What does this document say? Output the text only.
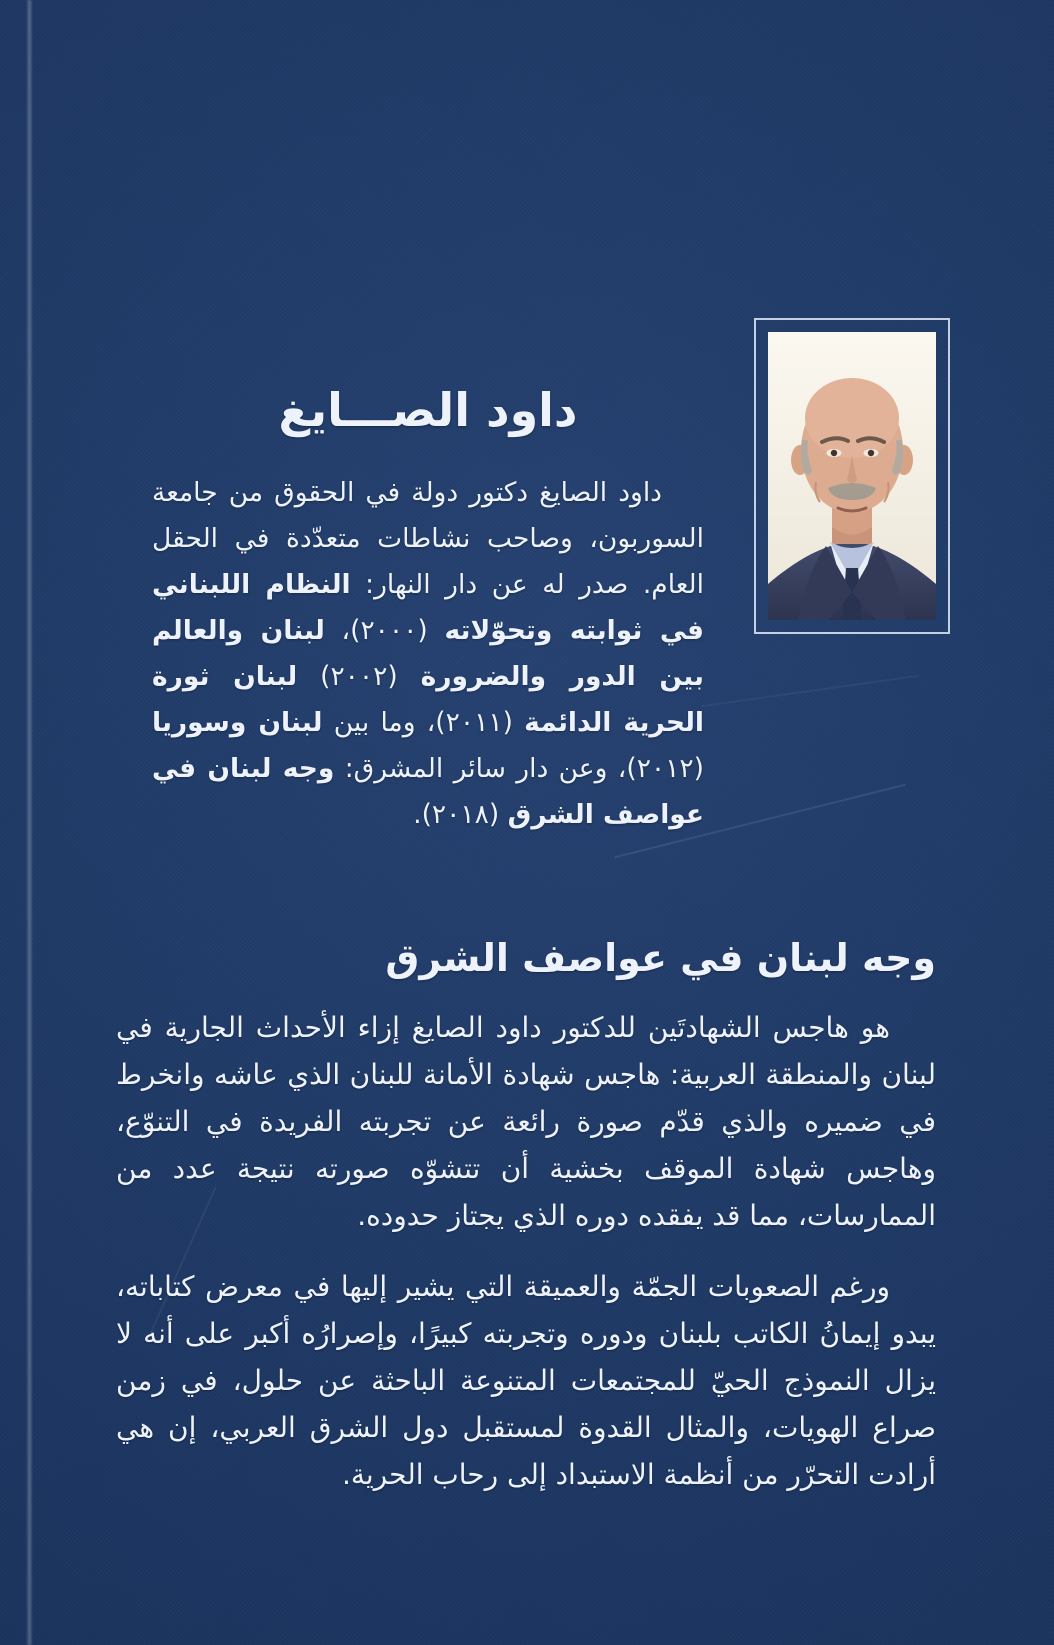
داود الصـــايغ
داود الصايغ دكتور دولة في الحقوق من جامعة السوربون، وصاحب نشاطات متعدّدة في الحقل العام. صدر له عن دار النهار: النظام اللبناني في ثوابته وتحوّلاته (٢٠٠٠)، لبنان والعالم بين الدور والضرورة (٢٠٠٢) لبنان ثورة الحرية الدائمة (٢٠١١)، وما بين لبنان وسوريا (٢٠١٢)، وعن دار سائر المشرق: وجه لبنان في عواصف الشرق (٢٠١٨).
وجه لبنان في عواصف الشرق

هو هاجس الشهادتَين للدكتور داود الصايغ إزاء الأحداث الجارية في لبنان والمنطقة العربية: هاجس شهادة الأمانة للبنان الذي عاشه وانخرط في ضميره والذي قدّم صورة رائعة عن تجربته الفريدة في التنوّع، وهاجس شهادة الموقف بخشية أن تتشوّه صورته نتيجة عدد من الممارسات، مما قد يفقده دوره الذي يجتاز حدوده.

ورغم الصعوبات الجمّة والعميقة التي يشير إليها في معرض كتاباته، يبدو إيمانُ الكاتب بلبنان ودوره وتجربته كبيرًا، وإصرارُه أكبر على أنه لا يزال النموذج الحيّ للمجتمعات المتنوعة الباحثة عن حلول، في زمن صراع الهويات، والمثال القدوة لمستقبل دول الشرق العربي، إن هي أرادت التحرّر من أنظمة الاستبداد إلى رحاب الحرية.
